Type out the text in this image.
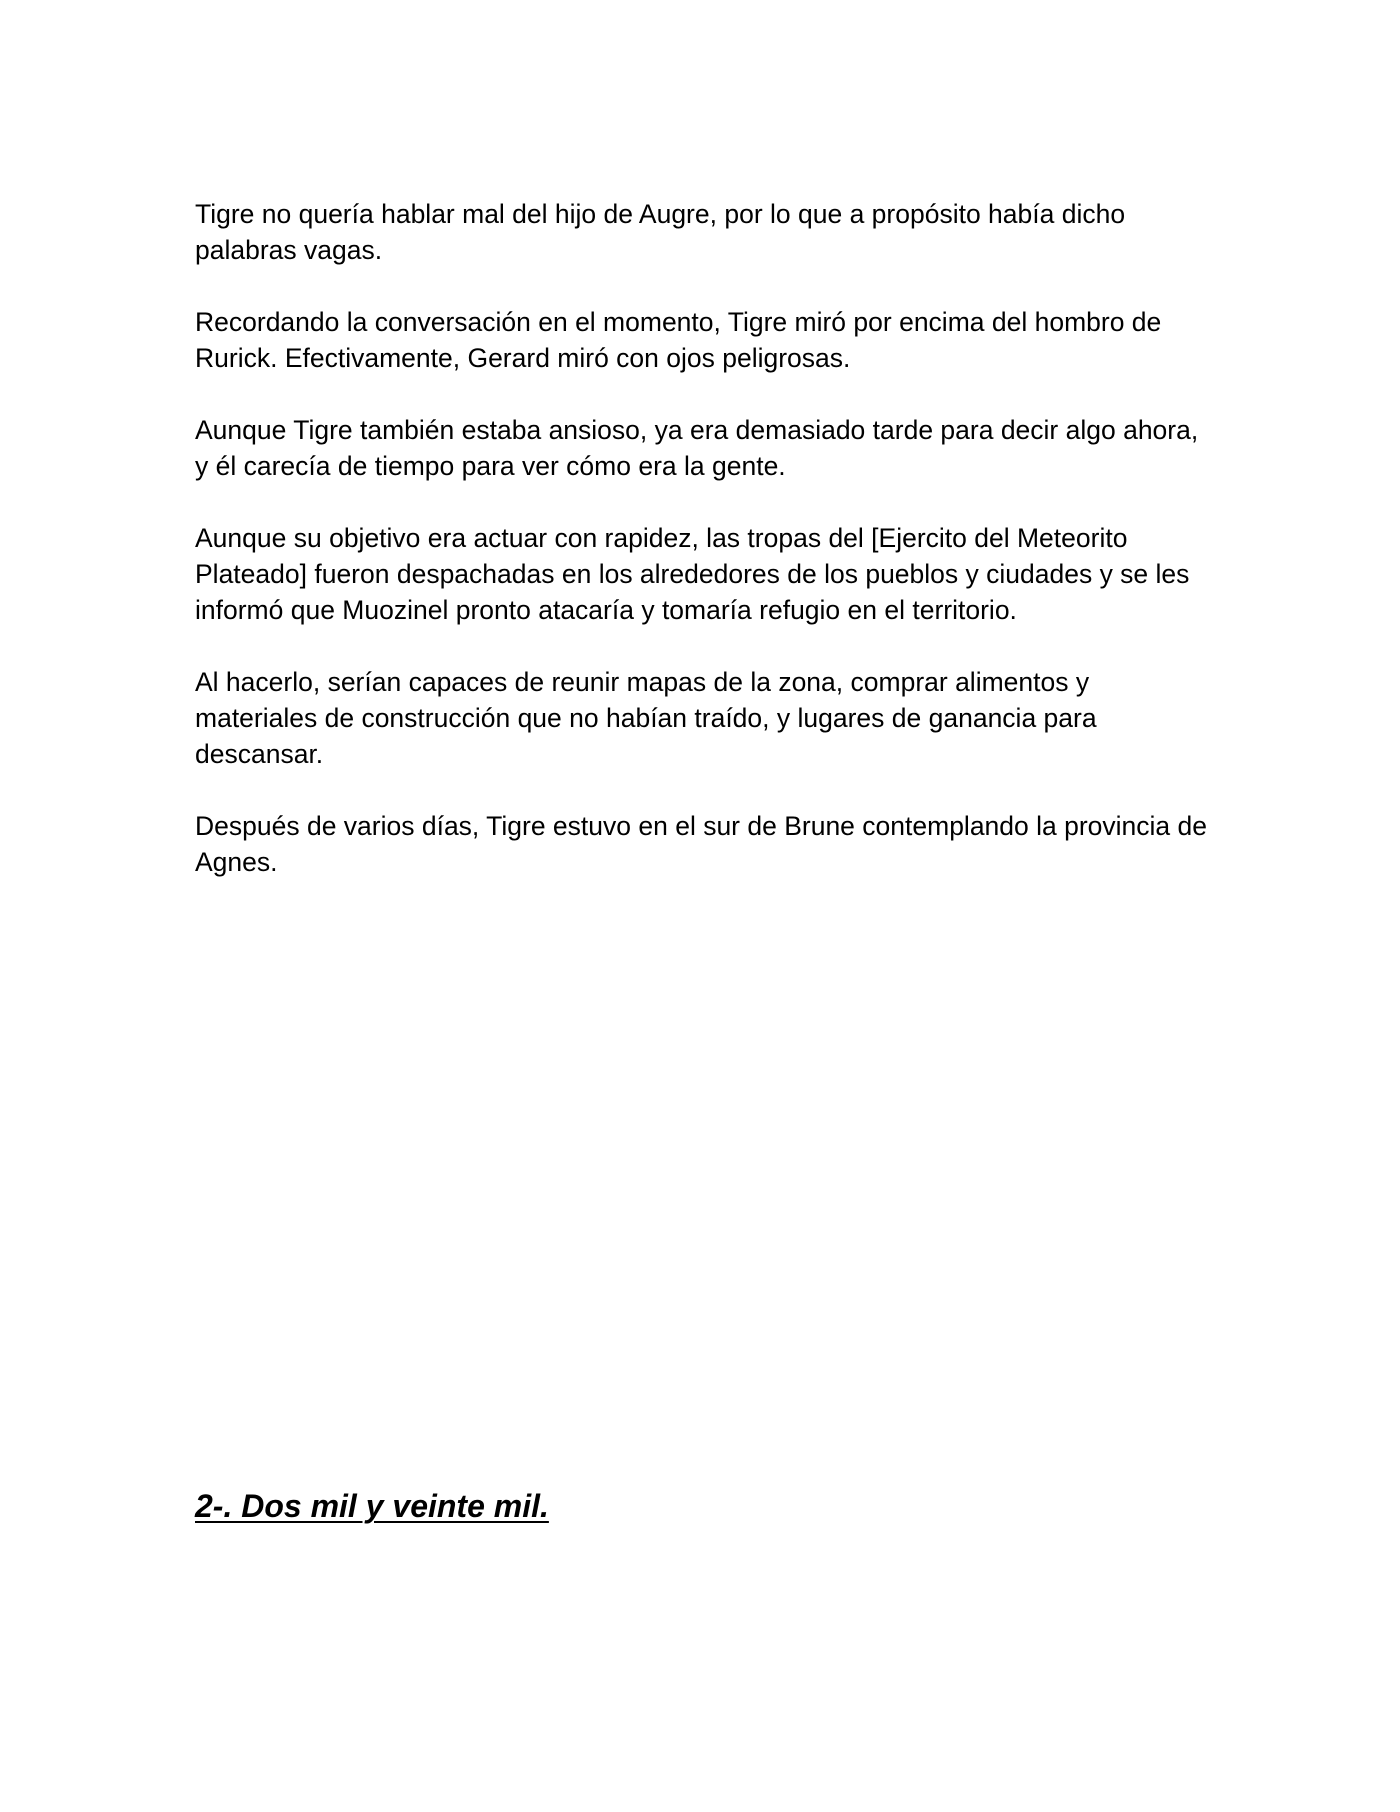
Tigre no quería hablar mal del hijo de Augre, por lo que a propósito había dicho palabras vagas.

Recordando la conversación en el momento, Tigre miró por encima del hombro de Rurick. Efectivamente, Gerard miró con ojos peligrosas.

Aunque Tigre también estaba ansioso, ya era demasiado tarde para decir algo ahora, y él carecía de tiempo para ver cómo era la gente.

Aunque su objetivo era actuar con rapidez, las tropas del [Ejercito del Meteorito Plateado] fueron despachadas en los alrededores de los pueblos y ciudades y se les informó que Muozinel pronto atacaría y tomaría refugio en el territorio.

Al hacerlo, serían capaces de reunir mapas de la zona, comprar alimentos y materiales de construcción que no habían traído, y lugares de ganancia para descansar.

Después de varios días, Tigre estuvo en el sur de Brune contemplando la provincia de Agnes.

2-. Dos mil y veinte mil.
